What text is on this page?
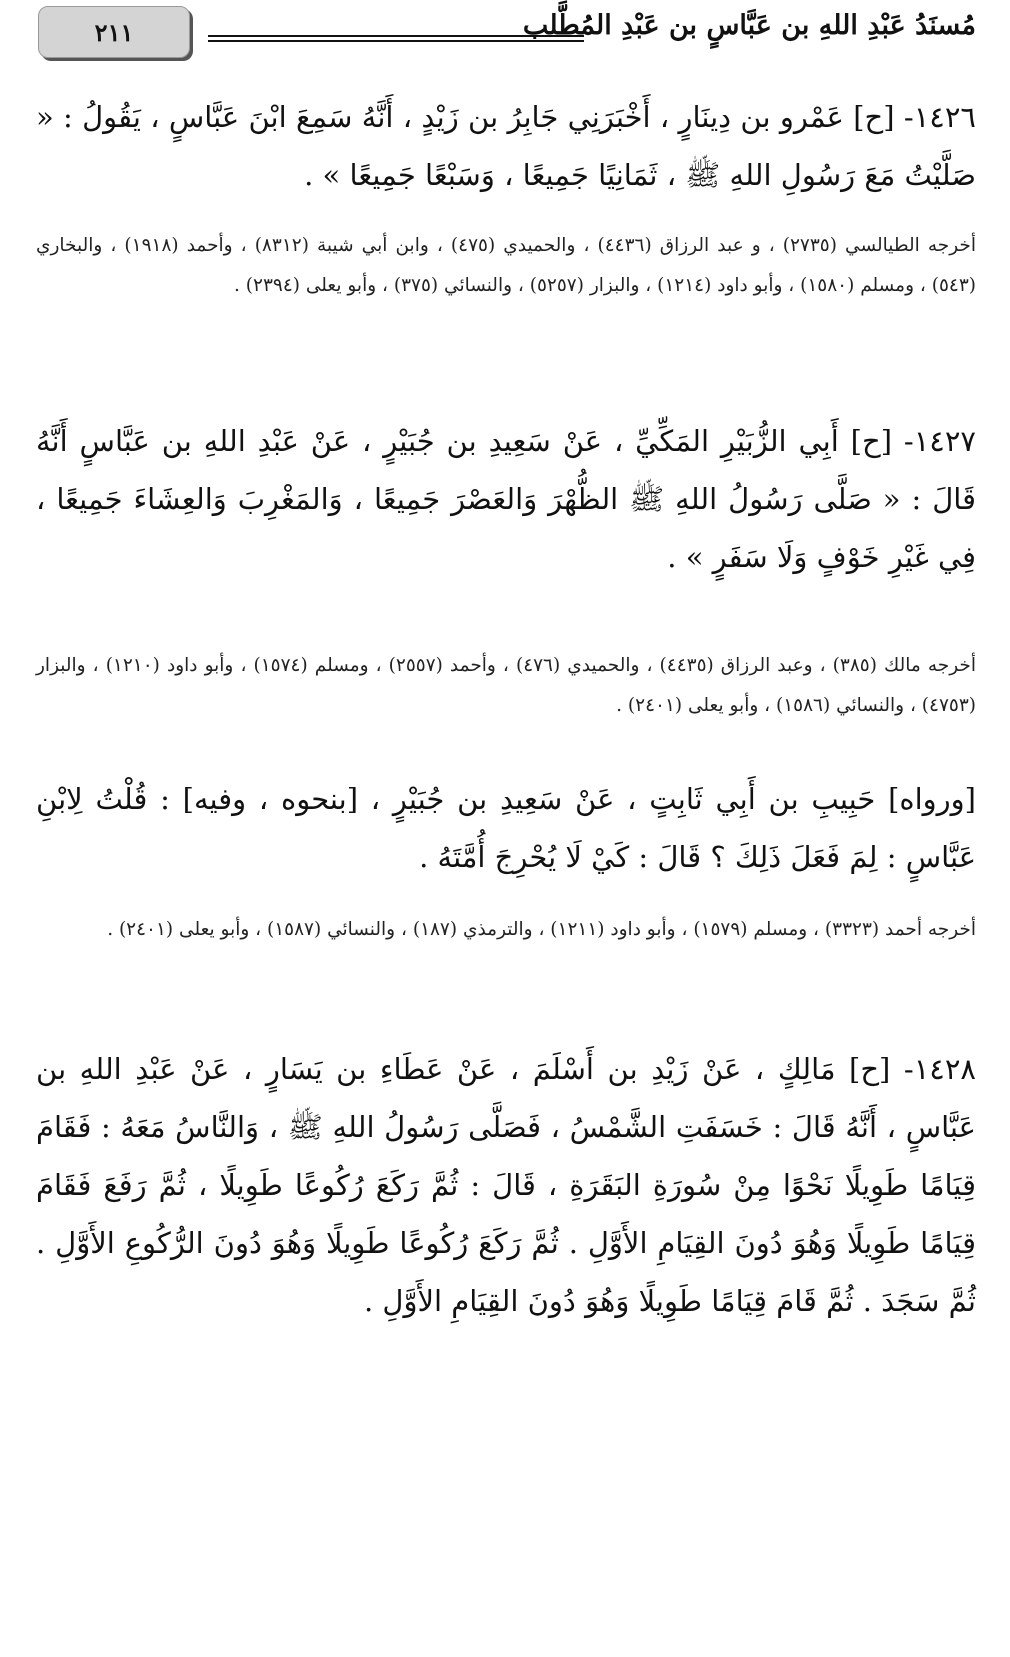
٢١١	مُسنَدُ عَبْدِ اللهِ بن عَبَّاسٍ بن عَبْدِ المُطَّلب
١٤٢٦- [ح] عَمْرو بن دِينَارٍ ، أَخْبَرَنِي جَابِرُ بن زَيْدٍ ، أَنَّهُ سَمِعَ ابْنَ عَبَّاسٍ ، يَقُولُ : « صَلَّيْتُ مَعَ رَسُولِ اللهِ ﷺ ، ثَمَانِيًا جَمِيعًا ، وَسَبْعًا جَمِيعًا » .
أخرجه الطيالسي (٢٧٣٥) ، و عبد الرزاق (٤٤٣٦) ، والحميدي (٤٧٥) ، وابن أبي شيبة (٨٣١٢) ، وأحمد (١٩١٨) ، والبخاري (٥٤٣) ، ومسلم (١٥٨٠) ، وأبو داود (١٢١٤) ، والبزار (٥٢٥٧) ، والنسائي (٣٧٥) ، وأبو يعلى (٢٣٩٤) .
١٤٢٧- [ح] أَبِي الزُّبَيْرِ المَكِّيِّ ، عَنْ سَعِيدِ بن جُبَيْرٍ ، عَنْ عَبْدِ اللهِ بن عَبَّاسٍ أَنَّهُ قَالَ : « صَلَّى رَسُولُ اللهِ ﷺ الظُّهْرَ وَالعَصْرَ جَمِيعًا ، وَالمَغْرِبَ وَالعِشَاءَ جَمِيعًا ، فِي غَيْرِ خَوْفٍ وَلَا سَفَرٍ » .
أخرجه مالك (٣٨٥) ، وعبد الرزاق (٤٤٣٥) ، والحميدي (٤٧٦) ، وأحمد (٢٥٥٧) ، ومسلم (١٥٧٤) ، وأبو داود (١٢١٠) ، والبزار (٤٧٥٣) ، والنسائي (١٥٨٦) ، وأبو يعلى (٢٤٠١) .
[ورواه] حَبِيبِ بن أَبِي ثَابِتٍ ، عَنْ سَعِيدِ بن جُبَيْرٍ ، [بنحوه ، وفيه] : قُلْتُ لِابْنِ عَبَّاسٍ : لِمَ فَعَلَ ذَلِكَ ؟ قَالَ : كَيْ لَا يُحْرِجَ أُمَّتَهُ .
أخرجه أحمد (٣٣٢٣) ، ومسلم (١٥٧٩) ، وأبو داود (١٢١١) ، والترمذي (١٨٧) ، والنسائي (١٥٨٧) ، وأبو يعلى (٢٤٠١) .
١٤٢٨- [ح] مَالِكٍ ، عَنْ زَيْدِ بن أَسْلَمَ ، عَنْ عَطَاءِ بن يَسَارٍ ، عَنْ عَبْدِ اللهِ بن عَبَّاسٍ ، أَنَّهُ قَالَ : خَسَفَتِ الشَّمْسُ ، فَصَلَّى رَسُولُ اللهِ ﷺ ، وَالنَّاسُ مَعَهُ : فَقَامَ قِيَامًا طَوِيلًا نَحْوًا مِنْ سُورَةِ البَقَرَةِ ، قَالَ : ثُمَّ رَكَعَ رُكُوعًا طَوِيلًا ، ثُمَّ رَفَعَ فَقَامَ قِيَامًا طَوِيلًا وَهُوَ دُونَ القِيَامِ الأَوَّلِ . ثُمَّ رَكَعَ رُكُوعًا طَوِيلًا وَهُوَ دُونَ الرُّكُوعِ الأَوَّلِ . ثُمَّ سَجَدَ . ثُمَّ قَامَ قِيَامًا طَوِيلًا وَهُوَ دُونَ القِيَامِ الأَوَّلِ .
